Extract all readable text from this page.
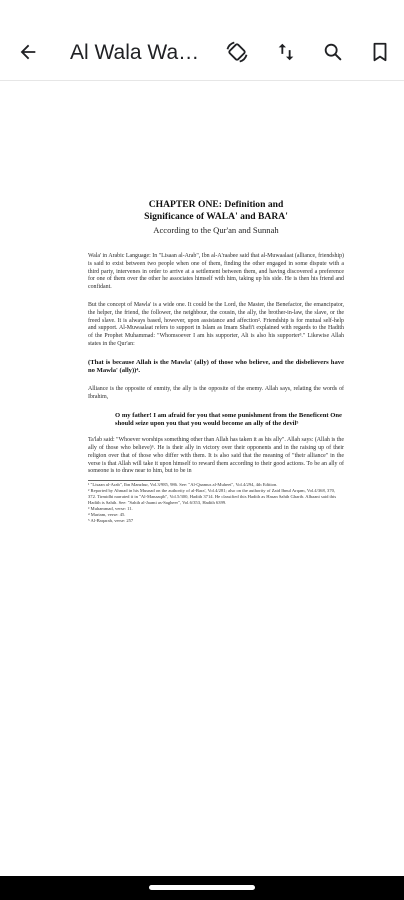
Al Wala Wal...
CHAPTER ONE: Definition and
Significance of WALA' and BARA'
According to the Qur'an and Sunnah

Wala' in Arabic Language: In "Lisaan al-Arab", Ibn al-A'raabee said that al-Muwaalaat (alliance, friendship) is said to exist between two people when one of them, finding the other engaged in some dispute with a third party, intervenes in order to arrive at a settlement between them, and having discovered a preference for one of them over the other he associates himself with him, taking up his side. He is then his friend and confidant.

But the concept of Mawla' is a wide one. It could be the Lord, the Master, the Benefactor, the emancipator, the helper, the friend, the follower, the neighbour, the cousin, the ally, the brother-in-law, the slave, or the freed slave. It is always based, however, upon assistance and affection². Friendship is for mutual self-help and support. Al-Muwaalaat refers to support in Islam as Imam Shafi'i explained with regards to the Hadith of the Prophet Muhammad: "Whomsoever I am his supporter, Ali is also his supporter³." Likewise Allah states in the Qur'an:

(That is because Allah is the Mawla' (ally) of those who believe, and the disbelievers have no Mawla' (ally))⁴.

Alliance is the opposite of enmity, the ally is the opposite of the enemy. Allah says, relating the words of Ibrahim,

O my father! I am afraid for you that some punishment from the Beneficent One should seize upon you that you would become an ally of the devil⁵

Ta'lab said: "Whoever worships something other than Allah has taken it as his ally". Allah says: (Allah is the ally of those who believe)⁶. He is their ally in victory over their opponents and in the raising up of their religion over that of those who differ with them. It is also said that the meaning of "their alliance" in the verse is that Allah will take it upon himself to reward them according to their good actions. To be an ally of someone is to draw near to him, but to be in

¹ "Lisaan al-Arab", Ibn Manzhur, Vol.3/985, 986. See: "Al-Qaamus al-Muheet", Vol.4/294, 4th Edition.

² Reported by Ahmad in his Musnad on the authority of al-Bara', Vol.4/281; also on the authority of Zaid Ibnul Arqam, Vol.4/368, 370, 372. Tirmidhi narrated it in "Al-Manaaqib", Vol.5/300, Hadith 3714. He classified this Hadith as Hasan Sahih Gharib. Albaani said this Hadith is Sahih. See: "Sahih al-Jaami as-Sagheer", Vol.6/353, Hadith 6399.

³ Muhammad, verse: 11.

⁴ Mariam, verse: 45.

⁵ Al-Baqarah, verse: 257
